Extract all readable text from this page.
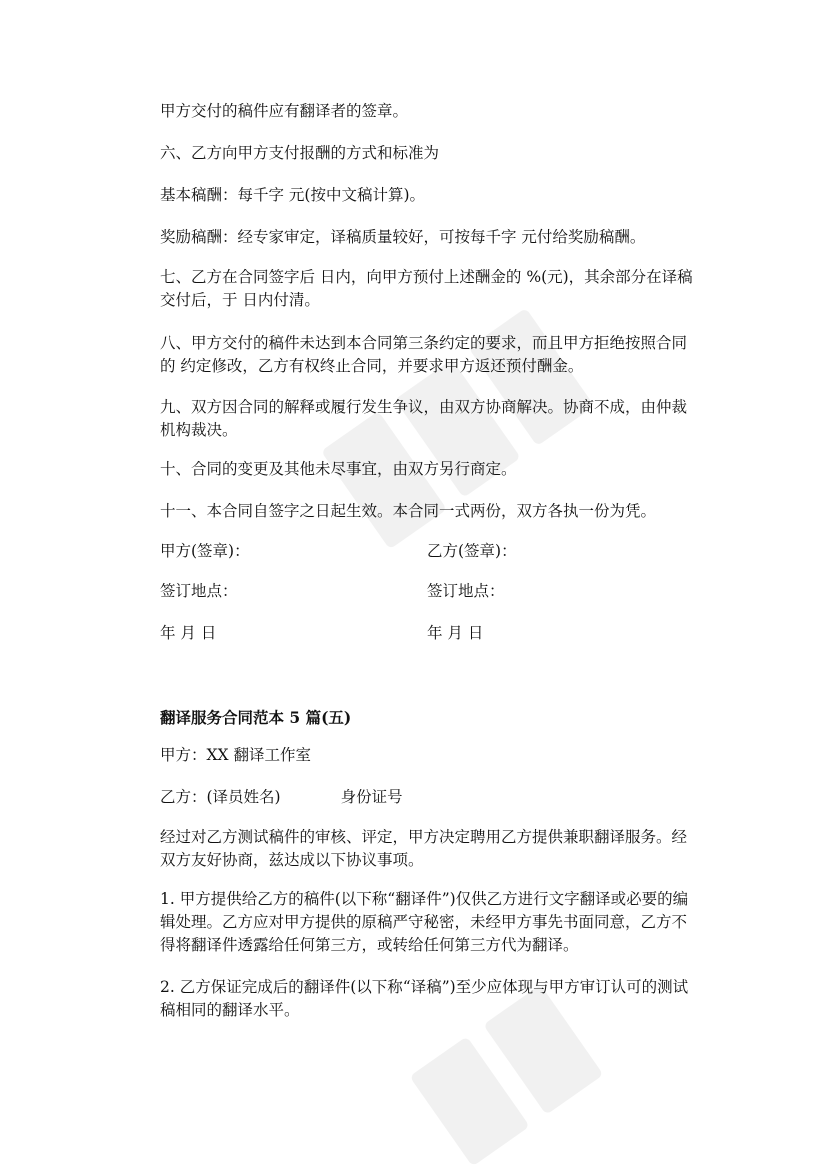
甲方交付的稿件应有翻译者的签章。

六、乙方向甲方支付报酬的方式和标准为

基本稿酬：每千字 元(按中文稿计算)。

奖励稿酬：经专家审定，译稿质量较好，可按每千字 元付给奖励稿酬。

七、乙方在合同签字后 日内，向甲方预付上述酬金的 %(元)，其余部分在译稿交付后，于 日内付清。

八、甲方交付的稿件未达到本合同第三条约定的要求，而且甲方拒绝按照合同的 约定修改，乙方有权终止合同，并要求甲方返还预付酬金。

九、双方因合同的解释或履行发生争议，由双方协商解决。协商不成，由仲裁机构裁决。

十、合同的变更及其他未尽事宜，由双方另行商定。

十一、本合同自签字之日起生效。本合同一式两份，双方各执一份为凭。

甲方(签章)：	乙方(签章)：
签订地点：	签订地点：
年 月 日	年 月 日
翻译服务合同范本 5 篇(五)

甲方：XX 翻译工作室

乙方：(译员姓名)	身份证号

经过对乙方测试稿件的审核、评定，甲方决定聘用乙方提供兼职翻译服务。经双方友好协商，兹达成以下协议事项。

1. 甲方提供给乙方的稿件(以下称“翻译件”)仅供乙方进行文字翻译或必要的编辑处理。乙方应对甲方提供的原稿严守秘密，未经甲方事先书面同意，乙方不得将翻译件透露给任何第三方，或转给任何第三方代为翻译。

2. 乙方保证完成后的翻译件(以下称“译稿”)至少应体现与甲方审订认可的测试稿相同的翻译水平。
